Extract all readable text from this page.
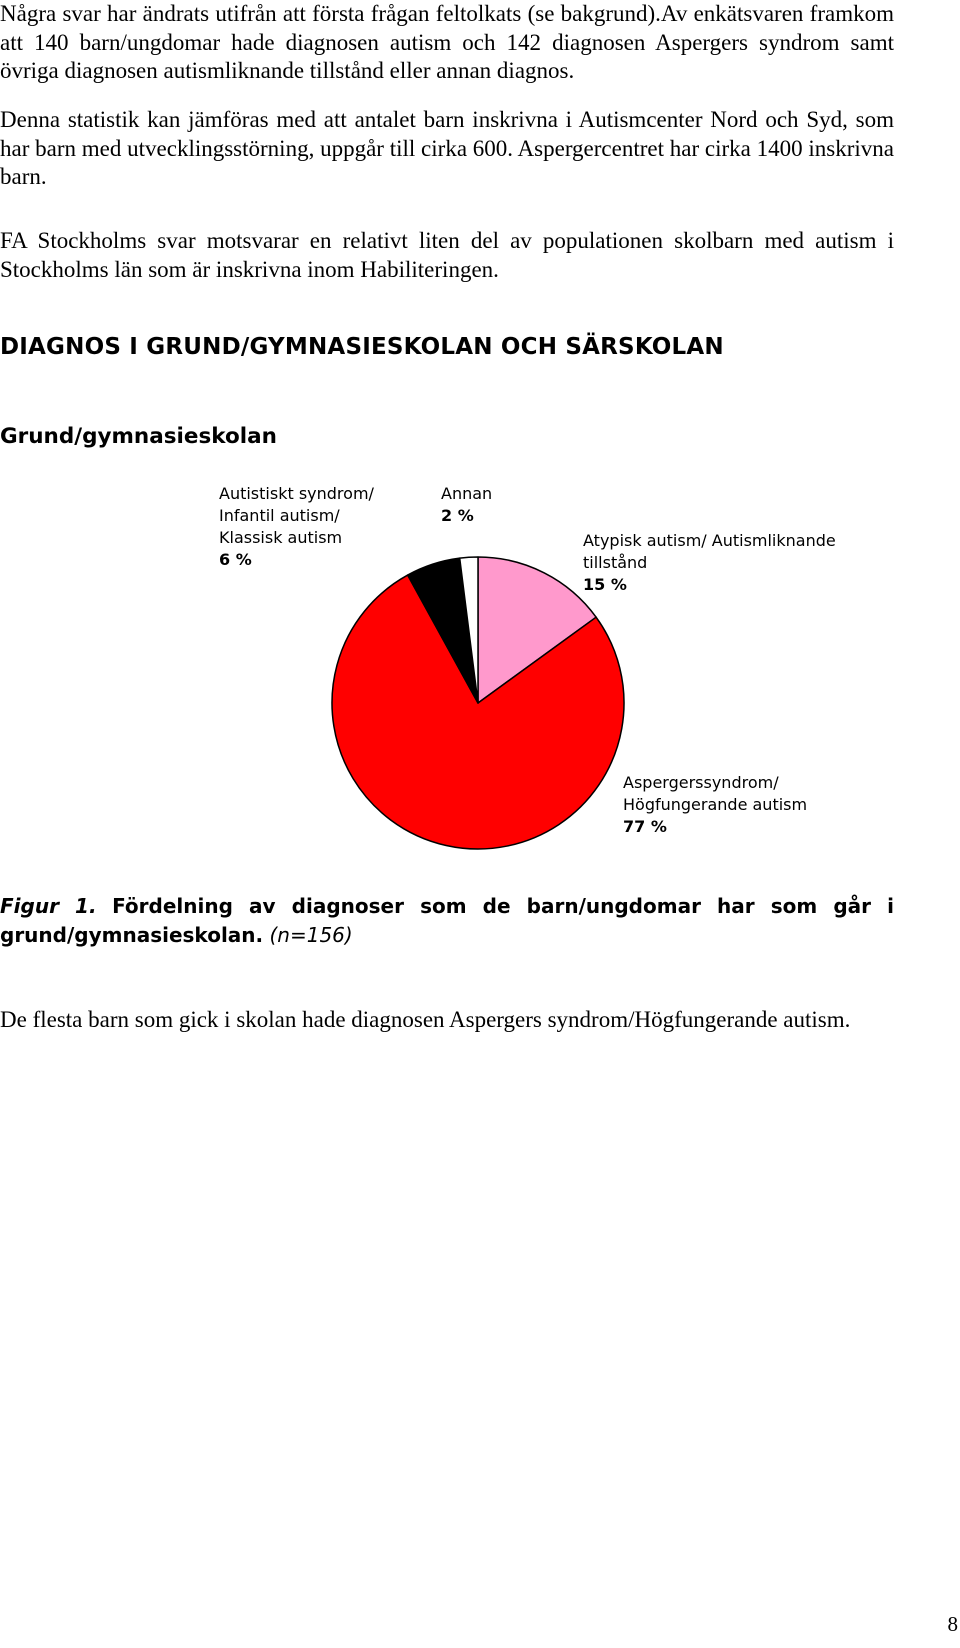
Några svar har ändrats utifrån att första frågan feltolkats (se bakgrund).Av enkätsvaren framkom att 140 barn/ungdomar hade diagnosen autism och 142 diagnosen Aspergers syndrom samt övriga diagnosen autismliknande tillstånd eller annan diagnos.

Denna statistik kan jämföras med att antalet barn inskrivna i Autismcenter Nord och Syd, som har barn med utvecklingsstörning, uppgår till cirka 600. Aspergercentret har cirka 1400 inskrivna barn.

FA Stockholms svar motsvarar en relativt liten del av populationen skolbarn med autism i Stockholms län som är inskrivna inom Habiliteringen.

DIAGNOS I GRUND/GYMNASIESKOLAN OCH SÄRSKOLAN
Grund/gymnasieskolan
Autistiskt syndrom/
Infantil autism/
Klassisk autism
6 %
Annan
2 %
Atypisk autism/ Autismliknande
tillstånd
15 %
Aspergerssyndrom/
Högfungerande autism
77 %

Figur 1. Fördelning av diagnoser som de barn/ungdomar har som går i
grund/gymnasieskolan. (n=156)

De flesta barn som gick i skolan hade diagnosen Aspergers syndrom/Högfungerande autism.

8
